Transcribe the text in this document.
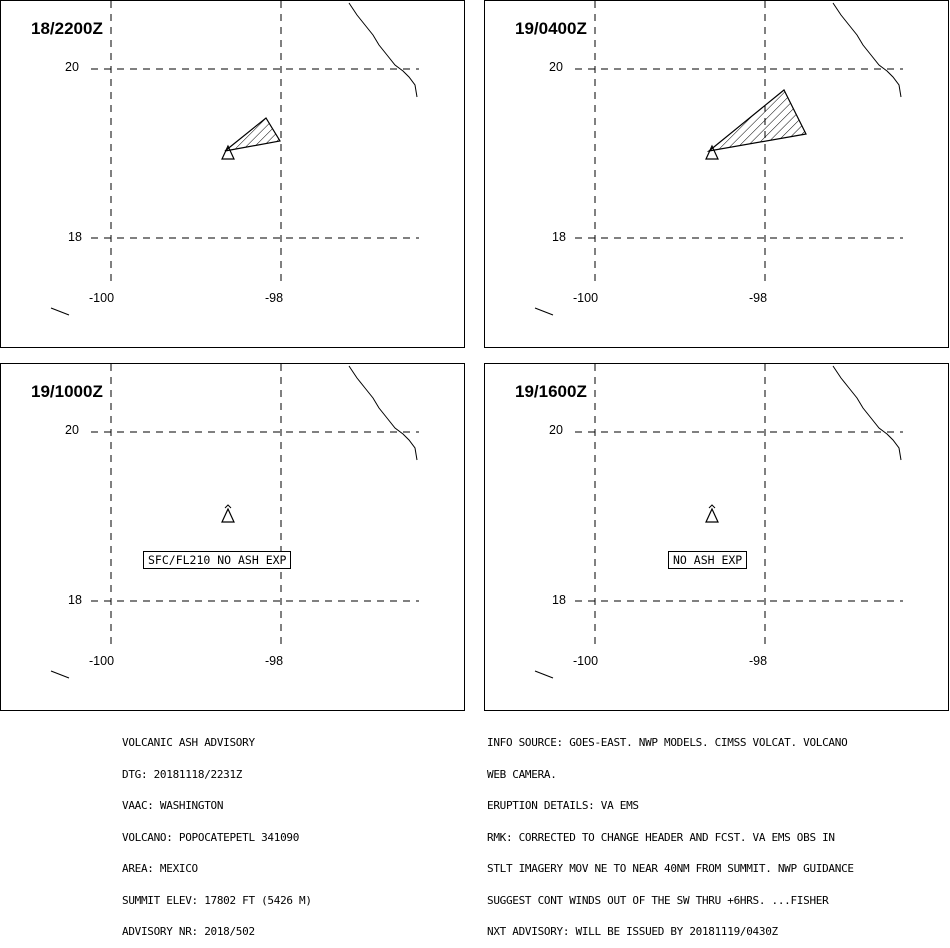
18/2200Z
20
18
-100	-98
19/0400Z
20
18
-100	-98
19/1000Z
20
18
-100	-98
SFC/FL210 NO ASH EXP
19/1600Z
20
18
-100	-98
NO ASH EXP

VOLCANIC ASH ADVISORY

DTG: 20181118/2231Z

VAAC: WASHINGTON

VOLCANO: POPOCATEPETL 341090

AREA: MEXICO

SUMMIT ELEV: 17802 FT (5426 M)

ADVISORY NR: 2018/502

INFO SOURCE: GOES-EAST. NWP MODELS. CIMSS VOLCAT. VOLCANO

WEB CAMERA.

ERUPTION DETAILS: VA EMS

RMK: CORRECTED TO CHANGE HEADER AND FCST. VA EMS OBS IN

STLT IMAGERY MOV NE TO NEAR 40NM FROM SUMMIT. NWP GUIDANCE

SUGGEST CONT WINDS OUT OF THE SW THRU +6HRS. ...FISHER

NXT ADVISORY: WILL BE ISSUED BY 20181119/0430Z
